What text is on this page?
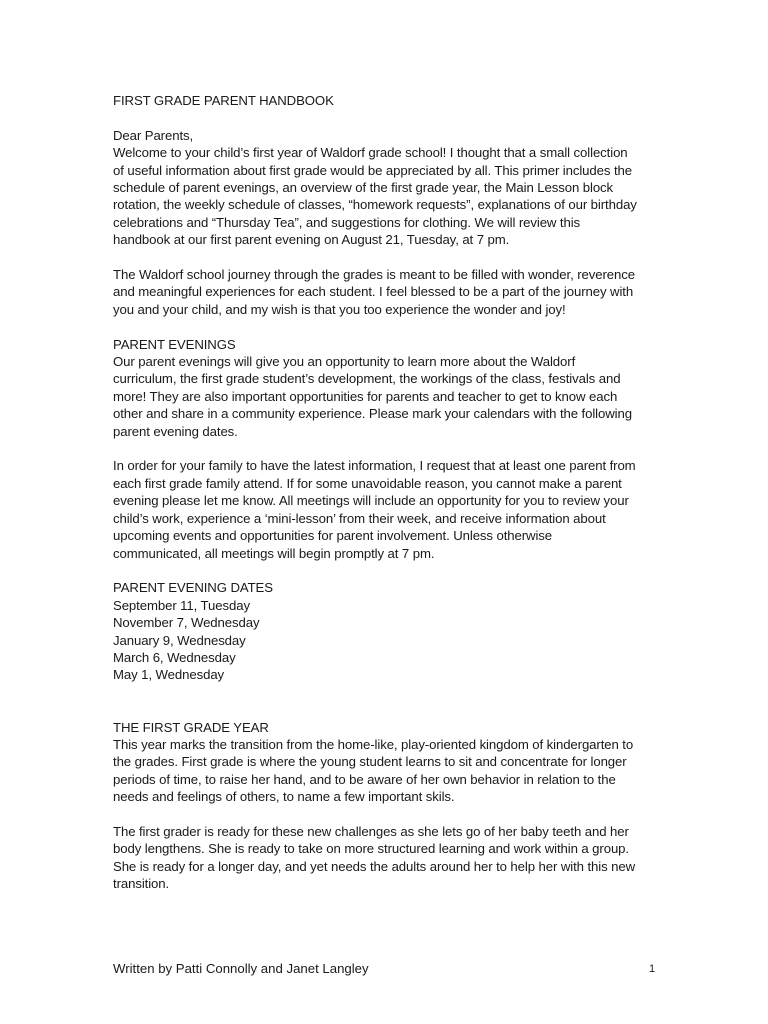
FIRST GRADE PARENT HANDBOOK

Dear Parents,

Welcome to your child’s first year of Waldorf grade school! I thought that a small collection

of useful information about first grade would be appreciated by all. This primer includes the

schedule of parent evenings, an overview of the first grade year, the Main Lesson block

rotation, the weekly schedule of classes, “homework requests”, explanations of our birthday

celebrations and “Thursday Tea”, and suggestions for clothing. We will review this

handbook at our first parent evening on August 21, Tuesday, at 7 pm.

The Waldorf school journey through the grades is meant to be filled with wonder, reverence

and meaningful experiences for each student. I feel blessed to be a part of the journey with

you and your child, and my wish is that you too experience the wonder and joy!

PARENT EVENINGS

Our parent evenings will give you an opportunity to learn more about the Waldorf

curriculum, the first grade student’s development, the workings of the class, festivals and

more! They are also important opportunities for parents and teacher to get to know each

other and share in a community experience. Please mark your calendars with the following

parent evening dates.

In order for your family to have the latest information, I request that at least one parent from

each first grade family attend. If for some unavoidable reason, you cannot make a parent

evening please let me know. All meetings will include an opportunity for you to review your

child’s work, experience a ‘mini-lesson’ from their week, and receive information about

upcoming events and opportunities for parent involvement. Unless otherwise

communicated, all meetings will begin promptly at 7 pm.

PARENT EVENING DATES

September 11, Tuesday

November 7, Wednesday

January 9, Wednesday

March 6, Wednesday

May 1, Wednesday

THE FIRST GRADE YEAR

This year marks the transition from the home-like, play-oriented kingdom of kindergarten to

the grades. First grade is where the young student learns to sit and concentrate for longer

periods of time, to raise her hand, and to be aware of her own behavior in relation to the

needs and feelings of others, to name a few important skils.

The first grader is ready for these new challenges as she lets go of her baby teeth and her

body lengthens. She is ready to take on more structured learning and work within a group.

She is ready for a longer day, and yet needs the adults around her to help her with this new

transition.

Written by Patti Connolly and Janet Langley	1
